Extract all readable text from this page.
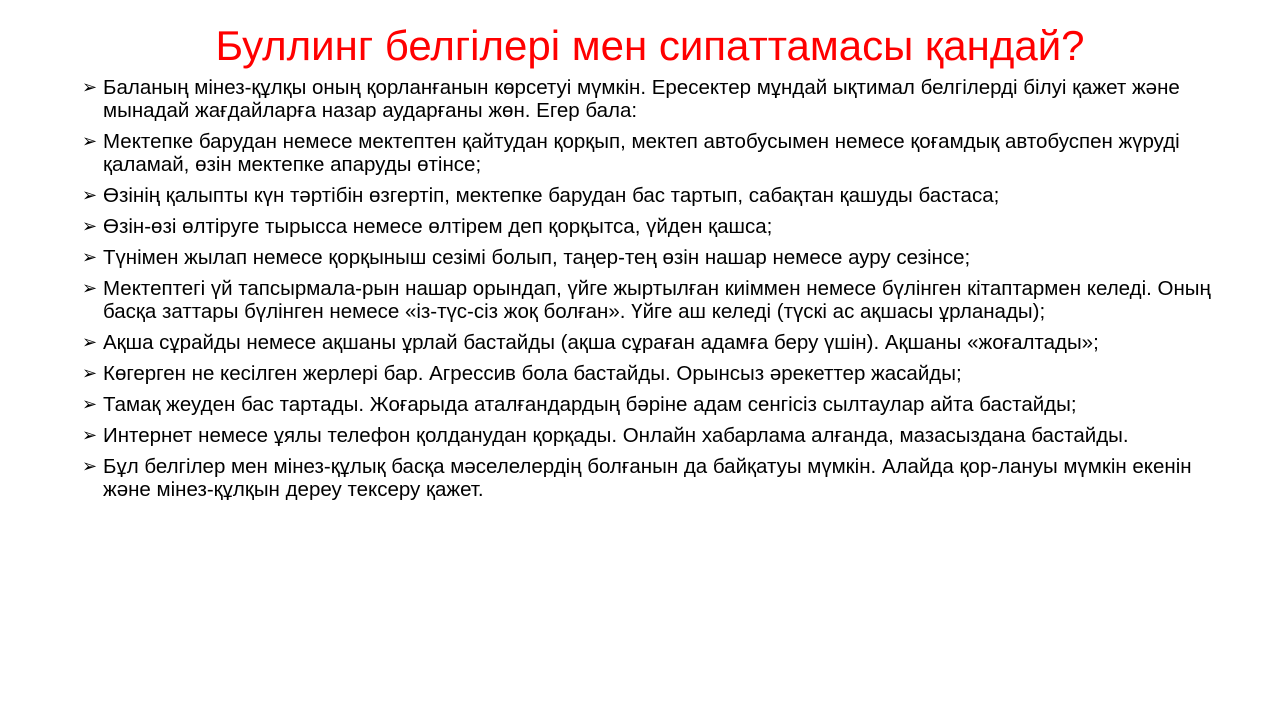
Буллинг белгілері мен сипаттамасы қандай?
➢ Баланың мінез-құлқы оның қорланғанын көрсетуі мүмкін. Ересектер мұндай ықтимал белгілерді білуі қажет және мынадай жағдайларға назар аударғаны жөн. Егер бала:
➢ Мектепке барудан немесе мектептен қайтудан қорқып, мектеп автобусымен немесе қоғамдық автобуспен жүруді қаламай, өзін мектепке апаруды өтінсе;
➢ Өзінің қалыпты күн тәртібін өзгертіп, мектепке барудан бас тартып, сабақтан қашуды бастаса;
➢ Өзін-өзі өлтіруге тырысса немесе өлтірем деп қорқытса, үйден қашса;
➢ Түнімен жылап немесе қорқыныш сезімі болып, таңер-тең өзін нашар немесе ауру сезінсе;
➢ Мектептегі үй тапсырмала-рын нашар орындап, үйге жыртылған киіммен немесе бүлінген кітаптармен келеді. Оның басқа заттары бүлінген немесе «із-түс-сіз жоқ болған». Үйге аш келеді (түскі ас ақшасы ұрланады);
➢ Ақша сұрайды немесе ақшаны ұрлай бастайды (ақша сұраған адамға беру үшін). Ақшаны «жоғалтады»;
➢ Көгерген не кесілген жерлері бар. Агрессив бола бастайды. Орынсыз әрекеттер жасайды;
➢ Тамақ жеуден бас тартады. Жоғарыда аталғандардың бәріне адам сенгісіз сылтаулар айта бастайды;
➢ Интернет немесе ұялы телефон қолданудан қорқады. Онлайн хабарлама алғанда, мазасыздана бастайды.
➢ Бұл белгілер мен мінез-құлық басқа мәселелердің болғанын да байқатуы мүмкін. Алайда қор-лануы мүмкін екенін және мінез-құлқын дереу тексеру қажет.
